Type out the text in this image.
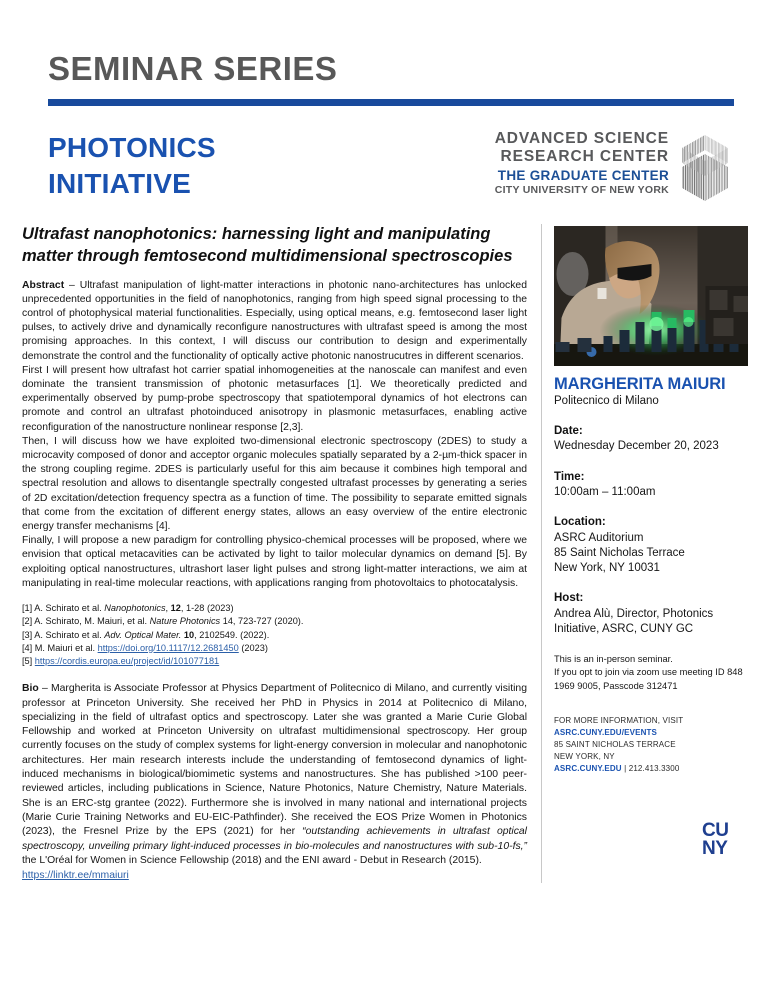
SEMINAR SERIES
PHOTONICS
INITIATIVE
ADVANCED SCIENCE
RESEARCH CENTER
THE GRADUATE CENTER
CITY UNIVERSITY OF NEW YORK
Ultrafast nanophotonics: harnessing light and manipulating matter through femtosecond multidimensional spectroscopies

Abstract – Ultrafast manipulation of light-matter interactions in photonic nano-architectures has unlocked unprecedented opportunities in the field of nanophotonics, ranging from high speed signal processing to the control of photophysical material functionalities. Especially, using optical means, e.g. femtosecond laser light pulses, to actively drive and dynamically reconfigure nanostructures with ultrafast speed is among the most promising approaches. In this context, I will discuss our contribution to design and experimentally demonstrate the control and the functionality of optically active photonic nanostrucutres in different scenarios.

First I will present how ultrafast hot carrier spatial inhomogeneities at the nanoscale can manifest and even dominate the transient transmission of photonic metasurfaces [1]. We theoretically predicted and experimentally observed by pump-probe spectroscopy that spatiotemporal dynamics of hot electrons can promote and control an ultrafast photoinduced anisotropy in plasmonic metasurfaces, enabling active reconfiguration of the nanostructure nonlinear response [2,3].

Then, I will discuss how we have exploited two-dimensional electronic spectroscopy (2DES) to study a microcavity composed of donor and acceptor organic molecules spatially separated by a 2-µm-thick spacer in the strong coupling regime. 2DES is particularly useful for this aim because it combines high temporal and spectral resolution and allows to disentangle spectrally congested ultrafast processes by generating a series of 2D excitation/detection frequency spectra as a function of time. The possibility to separate emitted signals that come from the excitation of different energy states, allows an easy overview of the entire electronic energy transfer mechanisms [4].

Finally, I will propose a new paradigm for controlling physico-chemical processes will be proposed, where we envision that optical metacavities can be activated by light to tailor molecular dynamics on demand [5]. By exploiting optical nanostructures, ultrashort laser light pulses and strong light-matter interactions, we aim at manipulating in real-time molecular reactions, with applications ranging from photovoltaics to photocatalysis.

[1] A. Schirato et al. Nanophotonics, 12, 1-28 (2023)
[2] A. Schirato, M. Maiuri, et al. Nature Photonics 14, 723-727 (2020).
[3] A. Schirato et al. Adv. Optical Mater. 10, 2102549. (2022).
[4] M. Maiuri et al. https://doi.org/10.1117/12.2681450 (2023)
[5] https://cordis.europa.eu/project/id/101077181
Bio – Margherita is Associate Professor at Physics Department of Politecnico di Milano, and currently visiting professor at Princeton University. She received her PhD in Physics in 2014 at Politecnico di Milano, specializing in the field of ultrafast optics and spectroscopy. Later she was granted a Marie Curie Global Fellowship and worked at Princeton University on ultrafast multidimensional spectroscopy. Her group currently focuses on the study of complex systems for light-energy conversion in molecular and nanophotonic architectures. Her main research interests include the understanding of femtosecond dynamics of light-induced mechanisms in biological/biomimetic systems and nanostructures. She has published >100 peer-reviewed articles, including publications in Science, Nature Photonics, Nature Chemistry, Nature Materials. She is an ERC-stg grantee (2022). Furthermore she is involved in many national and international projects (Marie Curie Training Networks and EU-EIC-Pathfinder). She received the EOS Prize Women in Photonics (2023), the Fresnel Prize by the EPS (2021) for her “outstanding achievements in ultrafast optical spectroscopy, unveiling primary light-induced processes in bio-molecules and nanostructures with sub-10-fs,” the L'Oréal for Women in Science Fellowship (2018) and the ENI award - Debut in Research (2015).
https://linktr.ee/mmaiuri
MARGHERITA MAIURI
Politecnico di Milano
Date:
Wednesday December 20, 2023
Time:
10:00am – 11:00am
Location:
ASRC Auditorium
85 Saint Nicholas Terrace
New York, NY 10031
Host:
Andrea Alù, Director, Photonics
Initiative, ASRC, CUNY GC
This is an in-person seminar.
If you opt to join via zoom use meeting ID 848
1969 9005, Passcode 312471
FOR MORE INFORMATION, VISIT
ASRC.CUNY.EDU/EVENTS
85 SAINT NICHOLAS TERRACE
NEW YORK, NY
ASRC.CUNY.EDU | 212.413.3300
CU
NY
